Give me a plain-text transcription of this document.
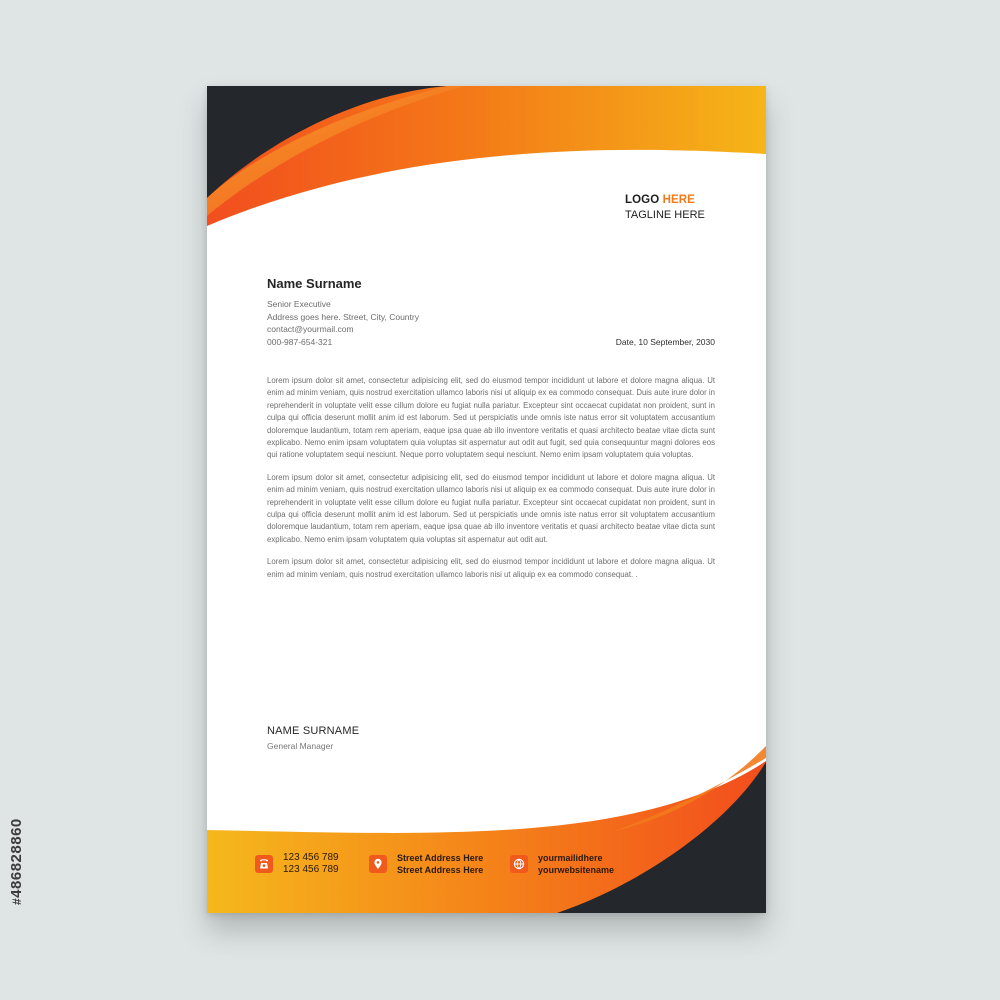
LOGO HERE
TAGLINE HERE
Name Surname
Senior Executive
Address goes here. Street, City, Country
contact@yourmail.com
000-987-654-321	Date, 10 September, 2030

Lorem ipsum dolor sit amet, consectetur adipisicing elit, sed do eiusmod tempor incididunt ut labore et dolore magna aliqua. Ut enim ad minim veniam, quis nostrud exercitation ullamco laboris nisi ut aliquip ex ea commodo consequat. Duis aute irure dolor in reprehenderit in voluptate velit esse cillum dolore eu fugiat nulla pariatur. Excepteur sint occaecat cupidatat non proident, sunt in culpa qui officia deserunt mollit anim id est laborum. Sed ut perspiciatis unde omnis iste natus error sit voluptatem accusantium doloremque laudantium, totam rem aperiam, eaque ipsa quae ab illo inventore veritatis et quasi architecto beatae vitae dicta sunt explicabo. Nemo enim ipsam voluptatem quia voluptas sit aspernatur aut odit aut fugit, sed quia consequuntur magni dolores eos qui ratione voluptatem sequi nesciunt. Neque porro voluptatem sequi nesciunt. Nemo enim ipsam voluptatem quia voluptas.

Lorem ipsum dolor sit amet, consectetur adipisicing elit, sed do eiusmod tempor incididunt ut labore et dolore magna aliqua. Ut enim ad minim veniam, quis nostrud exercitation ullamco laboris nisi ut aliquip ex ea commodo consequat. Duis aute irure dolor in reprehenderit in voluptate velit esse cillum dolore eu fugiat nulla pariatur. Excepteur sint occaecat cupidatat non proident, sunt in culpa qui officia deserunt mollit anim id est laborum. Sed ut perspiciatis unde omnis iste natus error sit voluptatem accusantium doloremque laudantium, totam rem aperiam, eaque ipsa quae ab illo inventore veritatis et quasi architecto beatae vitae dicta sunt explicabo. Nemo enim ipsam voluptatem quia voluptas sit aspernatur aut odit aut.

Lorem ipsum dolor sit amet, consectetur adipisicing elit, sed do eiusmod tempor incididunt ut labore et dolore magna aliqua. Ut enim ad minim veniam, quis nostrud exercitation ullamco laboris nisi ut aliquip ex ea commodo consequat. .

NAME SURNAME
General Manager
123 456 789
123 456 789
Street Address Here
Street Address Here
yourmailidhere
yourwebsitename
#486828860
